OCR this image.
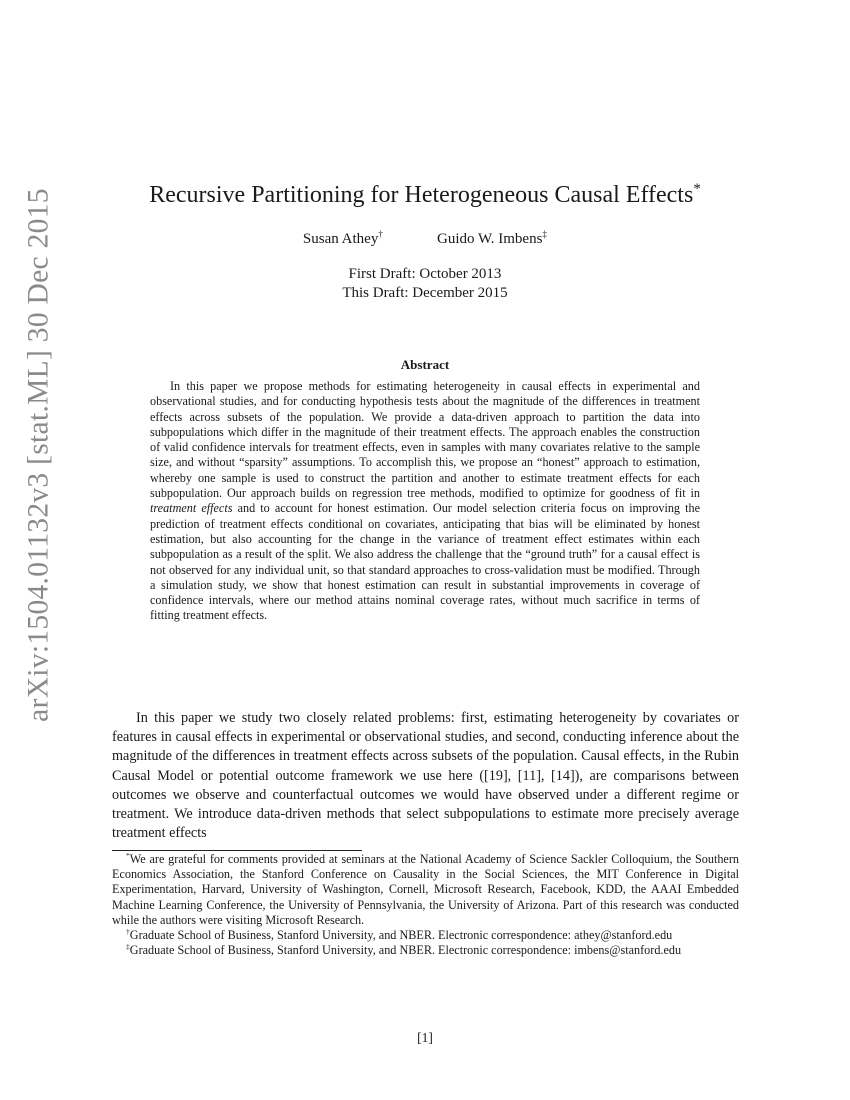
arXiv:1504.01132v3 [stat.ML] 30 Dec 2015	Recursive Partitioning for Heterogeneous Causal Effects*
Susan Athey†	Guido W. Imbens‡
First Draft: October 2013
This Draft: December 2015
Abstract

In this paper we propose methods for estimating heterogeneity in causal effects in experimental and observational studies, and for conducting hypothesis tests about the magnitude of the differences in treatment effects across subsets of the population. We provide a data-driven approach to partition the data into subpopulations which differ in the magnitude of their treatment effects. The approach enables the construction of valid confidence intervals for treatment effects, even in samples with many covariates relative to the sample size, and without “sparsity” assumptions. To accomplish this, we propose an “honest” approach to estimation, whereby one sample is used to construct the partition and another to estimate treatment effects for each subpopulation. Our approach builds on regression tree methods, modified to optimize for goodness of fit in treatment effects and to account for honest estimation. Our model selection criteria focus on improving the prediction of treatment effects conditional on covariates, anticipating that bias will be eliminated by honest estimation, but also accounting for the change in the variance of treatment effect estimates within each subpopulation as a result of the split. We also address the challenge that the “ground truth” for a causal effect is not observed for any individual unit, so that standard approaches to cross-validation must be modified. Through a simulation study, we show that honest estimation can result in substantial improvements in coverage of confidence intervals, where our method attains nominal coverage rates, without much sacrifice in terms of fitting treatment effects.

In this paper we study two closely related problems: first, estimating heterogeneity by covariates or features in causal effects in experimental or observational studies, and second, conducting inference about the magnitude of the differences in treatment effects across subsets of the population. Causal effects, in the Rubin Causal Model or potential outcome framework we use here ([19], [11], [14]), are comparisons between outcomes we observe and counterfactual outcomes we would have observed under a different regime or treatment. We introduce data-driven methods that select subpopulations to estimate more precisely average treatment effects

*We are grateful for comments provided at seminars at the National Academy of Science Sackler Colloquium, the Southern Economics Association, the Stanford Conference on Causality in the Social Sciences, the MIT Conference in Digital Experimentation, Harvard, University of Washington, Cornell, Microsoft Research, Facebook, KDD, the AAAI Embedded Machine Learning Conference, the University of Pennsylvania, the University of Arizona. Part of this research was conducted while the authors were visiting Microsoft Research.

†Graduate School of Business, Stanford University, and NBER. Electronic correspondence: athey@stanford.edu

‡Graduate School of Business, Stanford University, and NBER. Electronic correspondence: imbens@stanford.edu

[1]
